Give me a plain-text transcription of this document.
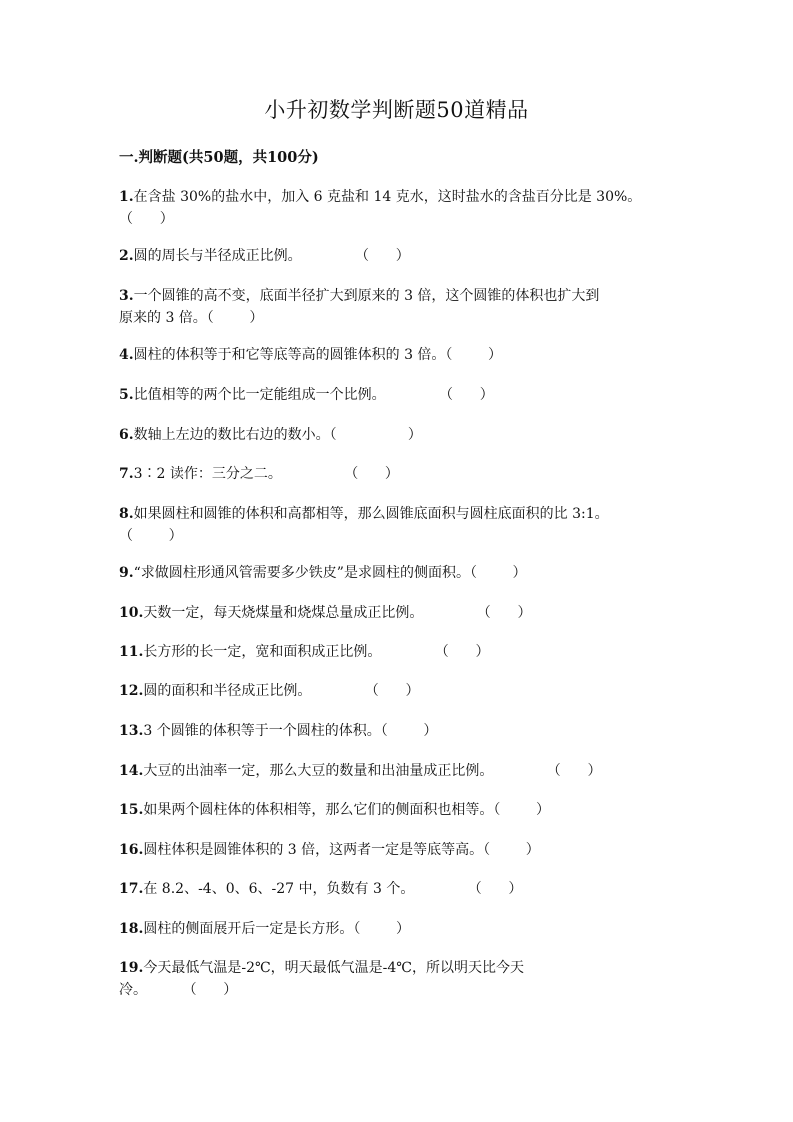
小升初数学判断题50道精品
一.判断题(共50题，共100分)
1.在含盐 30%的盐水中，加入 6 克盐和 14 克水，这时盐水的含盐百分比是 30%。
（      ）
2.圆的周长与半径成正比例。            （      ）
3.一个圆锥的高不变，底面半径扩大到原来的 3 倍，这个圆锥的体积也扩大到
原来的 3 倍。（        ）
4.圆柱的体积等于和它等底等高的圆锥体积的 3 倍。（        ）
5.比值相等的两个比一定能组成一个比例。            （      ）
6.数轴上左边的数比右边的数小。（                ）
7.3∶2 读作：三分之二。              （      ）
8.如果圆柱和圆锥的体积和高都相等，那么圆锥底面积与圆柱底面积的比 3:1。
（        ）
9.“求做圆柱形通风管需要多少铁皮”是求圆柱的侧面积。（        ）
10.天数一定，每天烧煤量和烧煤总量成正比例。            （      ）
11.长方形的长一定，宽和面积成正比例。            （      ）
12.圆的面积和半径成正比例。            （      ）
13.3 个圆锥的体积等于一个圆柱的体积。（        ）
14.大豆的出油率一定，那么大豆的数量和出油量成正比例。            （      ）
15.如果两个圆柱体的体积相等，那么它们的侧面积也相等。（        ）
16.圆柱体积是圆锥体积的 3 倍，这两者一定是等底等高。（        ）
17.在 8.2、-4、0、6、-27 中，负数有 3 个。            （      ）
18.圆柱的侧面展开后一定是长方形。（        ）
19.今天最低气温是-2℃，明天最低气温是-4℃，所以明天比今天
冷。        （      ）
